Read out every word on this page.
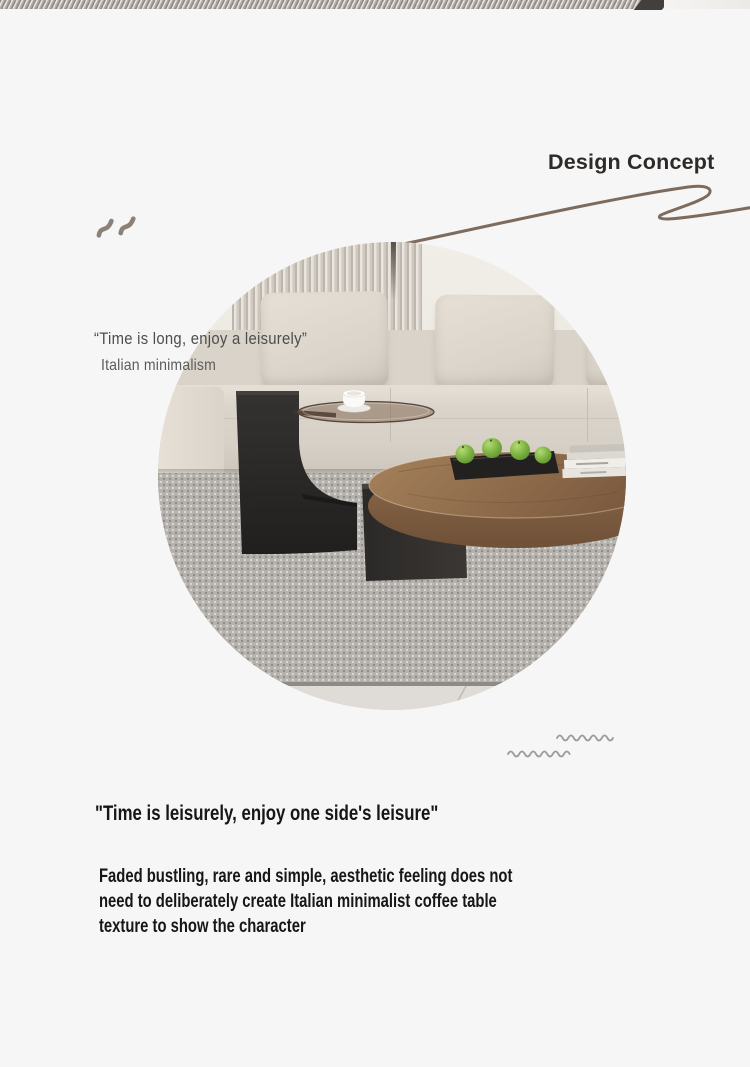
Design Concept
“Time is long, enjoy a leisurely”
Italian minimalism
"Time is leisurely, enjoy one side's leisure"
Faded bustling, rare and simple, aesthetic feeling does not
need to deliberately create Italian minimalist coffee table
texture to show the character
